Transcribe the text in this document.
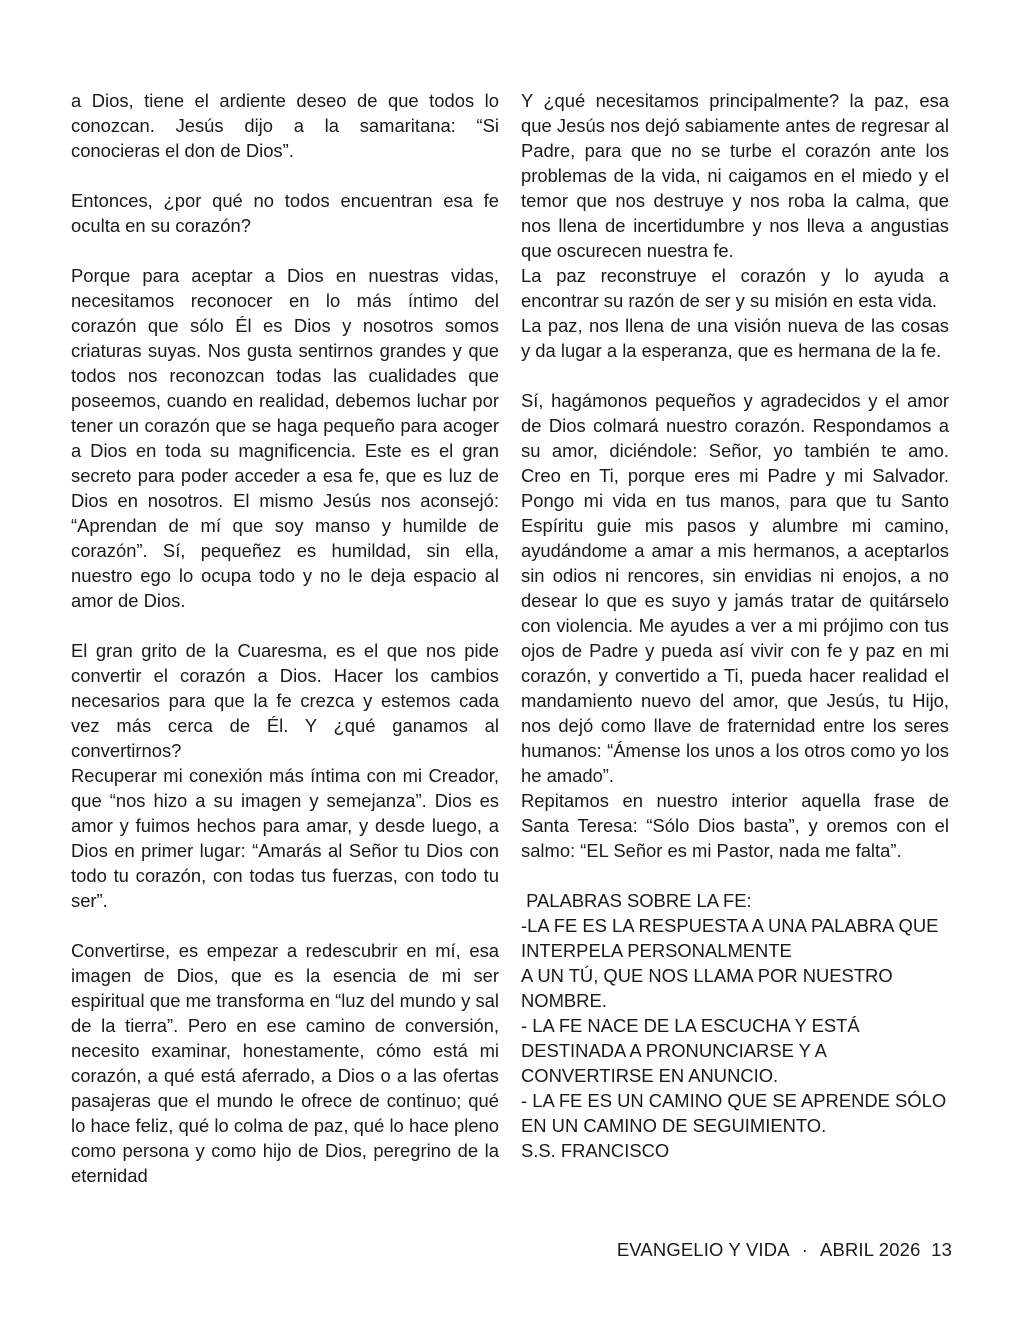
a Dios, tiene el ardiente deseo de que todos lo conozcan. Jesús dijo a la samaritana: “Si conocieras el don de Dios”.

Entonces, ¿por qué no todos encuentran esa fe oculta en su corazón?

Porque para aceptar a Dios en nuestras vidas, necesitamos reconocer en lo más íntimo del corazón que sólo Él es Dios y nosotros somos criaturas suyas. Nos gusta sentirnos grandes y que todos nos reconozcan todas las cualidades que poseemos, cuando en realidad, debemos luchar por tener un corazón que se haga pequeño para acoger a Dios en toda su magnificencia. Este es el gran secreto para poder acceder a esa fe, que es luz de Dios en nosotros. El mismo Jesús nos aconsejó: “Aprendan de mí que soy manso y humilde de corazón”. Sí, pequeñez es humildad, sin ella, nuestro ego lo ocupa todo y no le deja espacio al amor de Dios.

El gran grito de la Cuaresma, es el que nos pide convertir el corazón a Dios. Hacer los cambios necesarios para que la fe crezca y estemos cada vez más cerca de Él. Y ¿qué ganamos al convertirnos?

Recuperar mi conexión más íntima con mi Creador, que “nos hizo a su imagen y semejanza”. Dios es amor y fuimos hechos para amar, y desde luego, a Dios en primer lugar: “Amarás al Señor tu Dios con todo tu corazón, con todas tus fuerzas, con todo tu ser”.

Convertirse, es empezar a redescubrir en mí, esa imagen de Dios, que es la esencia de mi ser espiritual que me transforma en “luz del mundo y sal de la tierra”. Pero en ese camino de conversión, necesito examinar, honestamente, cómo está mi corazón, a qué está aferrado, a Dios o a las ofertas pasajeras que el mundo le ofrece de continuo; qué lo hace feliz, qué lo colma de paz, qué lo hace pleno como persona y como hijo de Dios, peregrino de la eternidad

Y ¿qué necesitamos principalmente? la paz, esa que Jesús nos dejó sabiamente antes de regresar al Padre, para que no se turbe el corazón ante los problemas de la vida, ni caigamos en el miedo y el temor que nos destruye y nos roba la calma, que nos llena de incertidumbre y nos lleva a angustias que oscurecen nuestra fe.

La paz reconstruye el corazón y lo ayuda a encontrar su razón de ser y su misión en esta vida.

La paz, nos llena de una visión nueva de las cosas y da lugar a la esperanza, que es hermana de la fe.

Sí, hagámonos pequeños y agradecidos y el amor de Dios colmará nuestro corazón. Respondamos a su amor, diciéndole: Señor, yo también te amo. Creo en Ti, porque eres mi Padre y mi Salvador. Pongo mi vida en tus manos, para que tu Santo Espíritu guie mis pasos y alumbre mi camino, ayudándome a amar a mis hermanos, a aceptarlos sin odios ni rencores, sin envidias ni enojos, a no desear lo que es suyo y jamás tratar de quitárselo con violencia. Me ayudes a ver a mi prójimo con tus ojos de Padre y pueda así vivir con fe y paz en mi corazón, y convertido a Ti, pueda hacer realidad el mandamiento nuevo del amor, que Jesús, tu Hijo, nos dejó como llave de fraternidad entre los seres humanos: “Ámense los unos a los otros como yo los he amado”.

Repitamos en nuestro interior aquella frase de Santa Teresa: “Sólo Dios basta”, y oremos con el salmo: “EL Señor es mi Pastor, nada me falta”.

PALABRAS SOBRE LA FE:

-LA FE ES LA RESPUESTA A UNA PALABRA QUE INTERPELA PERSONALMENTE

A UN TÚ, QUE NOS LLAMA POR NUESTRO NOMBRE.

- LA FE NACE DE LA ESCUCHA Y ESTÁ DESTINADA A PRONUNCIARSE Y A

CONVERTIRSE EN ANUNCIO.

- LA FE ES UN CAMINO QUE SE APRENDE SÓLO EN UN CAMINO DE SEGUIMIENTO.

S.S. FRANCISCO

EVANGELIO Y VIDA · ABRIL 2026 13
